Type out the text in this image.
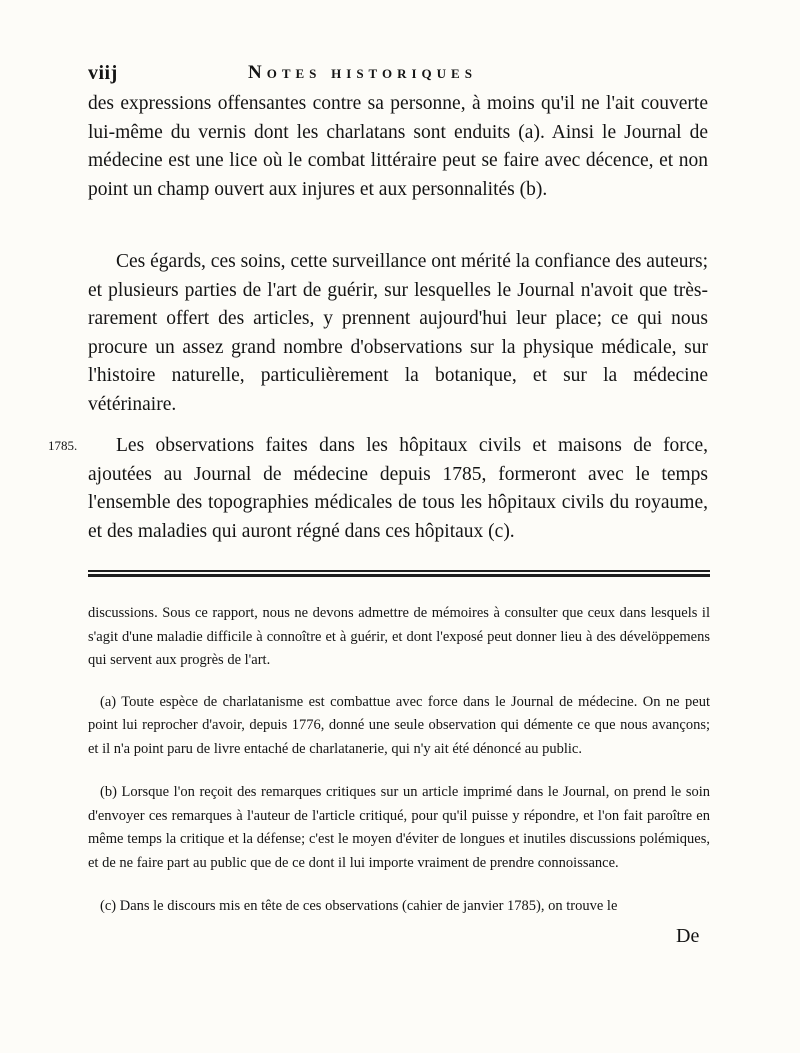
viij	Notes historiques

des expressions offensantes contre sa personne, à moins qu'il ne l'ait couverte lui-même du vernis dont les charlatans sont enduits (a). Ainsi le Journal de médecine est une lice où le combat littéraire peut se faire avec décence, et non point un champ ouvert aux injures et aux personnalités (b).

Ces égards, ces soins, cette surveillance ont mérité la confiance des auteurs; et plusieurs parties de l'art de guérir, sur lesquelles le Journal n'avoit que très-rarement offert des articles, y prennent aujourd'hui leur place; ce qui nous procure un assez grand nombre d'observations sur la physique médicale, sur l'histoire naturelle, particulièrement la botanique, et sur la médecine vétérinaire.

1785.	Les observations faites dans les hôpitaux civils et maisons de force, ajoutées au Journal de médecine depuis 1785, formeront avec le temps l'ensemble des topographies médicales de tous les hôpitaux civils du royaume, et des maladies qui auront régné dans ces hôpitaux (c).

discussions. Sous ce rapport, nous ne devons admettre de mémoires à consulter que ceux dans lesquels il s'agit d'une maladie difficile à connoître et à guérir, et dont l'exposé peut donner lieu à des dévelöppemens qui servent aux progrès de l'art.

(a) Toute espèce de charlatanisme est combattue avec force dans le Journal de médecine. On ne peut point lui reprocher d'avoir, depuis 1776, donné une seule observation qui démente ce que nous avançons; et il n'a point paru de livre entaché de charlatanerie, qui n'y ait été dénoncé au public.

(b) Lorsque l'on reçoit des remarques critiques sur un article imprimé dans le Journal, on prend le soin d'envoyer ces remarques à l'auteur de l'article critiqué, pour qu'il puisse y répondre, et l'on fait paroître en même temps la critique et la défense; c'est le moyen d'éviter de longues et inutiles discussions polémiques, et de ne faire part au public que de ce dont il lui importe vraiment de prendre connoissance.

(c) Dans le discours mis en tête de ces observations (cahier de janvier 1785), on trouve le

De
